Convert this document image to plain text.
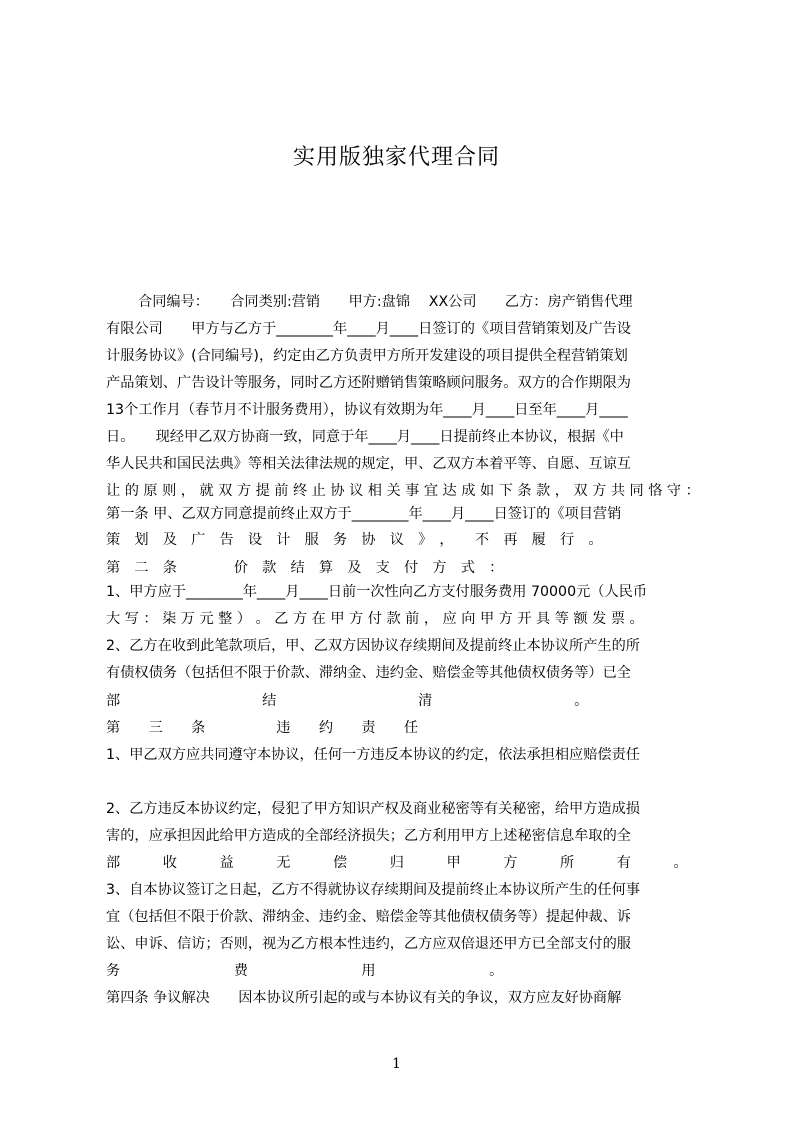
实用版独家代理合同
合同编号：　　合同类别:营销　　甲方:盘锦　 XX公司　　乙方：房产销售代理
有限公司　　甲方与乙方于________年____月____日签订的《项目营销策划及广告设
计服务协议》(合同编号)，约定由乙方负责甲方所开发建设的项目提供全程营销策划
产品策划、广告设计等服务，同时乙方还附赠销售策略顾问服务。双方的合作期限为
13个工作月（春节月不计服务费用），协议有效期为年____月____日至年____月____
日。　　现经甲乙双方协商一致，同意于年____月____日提前终止本协议，根据《中
华人民共和国民法典》等相关法律法规的规定，甲、乙双方本着平等、自愿、互谅互
让 的 原 则 ， 就 双 方 提 前 终 止 协 议 相 关 事 宜 达 成 如 下 条 款 ， 双 方 共 同 恪 守 ：
第一条 甲、乙双方同意提前终止双方于________年____月____日签订的《项目营销
策　划　及　广　告　设　计　服　务　协　议　》　，　　不　再　履　行　。
第　二　条　　　　价　款　结　算　及　支　付　方　式　：
1、甲方应于________年____月____日前一次性向乙方支付服务费用 70000元（人民币
大 写 ： 柒 万 元 整 ） 。 乙 方 在 甲 方 付 款 前 ， 应 向 甲 方 开 具 等 额 发 票 。
2、乙方在收到此笔款项后，甲、乙双方因协议存续期间及提前终止本协议所产生的所
有债权债务（包括但不限于价款、滞纳金、违约金、赔偿金等其他债权债务等）已全
部　　　　　　　　　　结　　　　　　　　　　清　　　　　　　　　　。
第　　三　　条　　　　　违　　约　　责　　任
1、甲乙双方应共同遵守本协议，任何一方违反本协议的约定，依法承担相应赔偿责任
2、乙方违反本协议约定，侵犯了甲方知识产权及商业秘密等有关秘密，给甲方造成损
害的，应承担因此给甲方造成的全部经济损失；乙方利用甲方上述秘密信息牟取的全
部　　　收　　　益　　　无　　　偿　　　归　　　甲　　　方　　　所　　　有　　　。
3、自本协议签订之日起，乙方不得就协议存续期间及提前终止本协议所产生的任何事
宜（包括但不限于价款、滞纳金、违约金、赔偿金等其他债权债务等）提起仲裁、诉
讼、申诉、信访；否则，视为乙方根本性违约，乙方应双倍退还甲方已全部支付的服
务　　　　　　　　费　　　　　　　　用　　　　　　　　。
第四条 争议解决　　因本协议所引起的或与本协议有关的争议，双方应友好协商解
1
